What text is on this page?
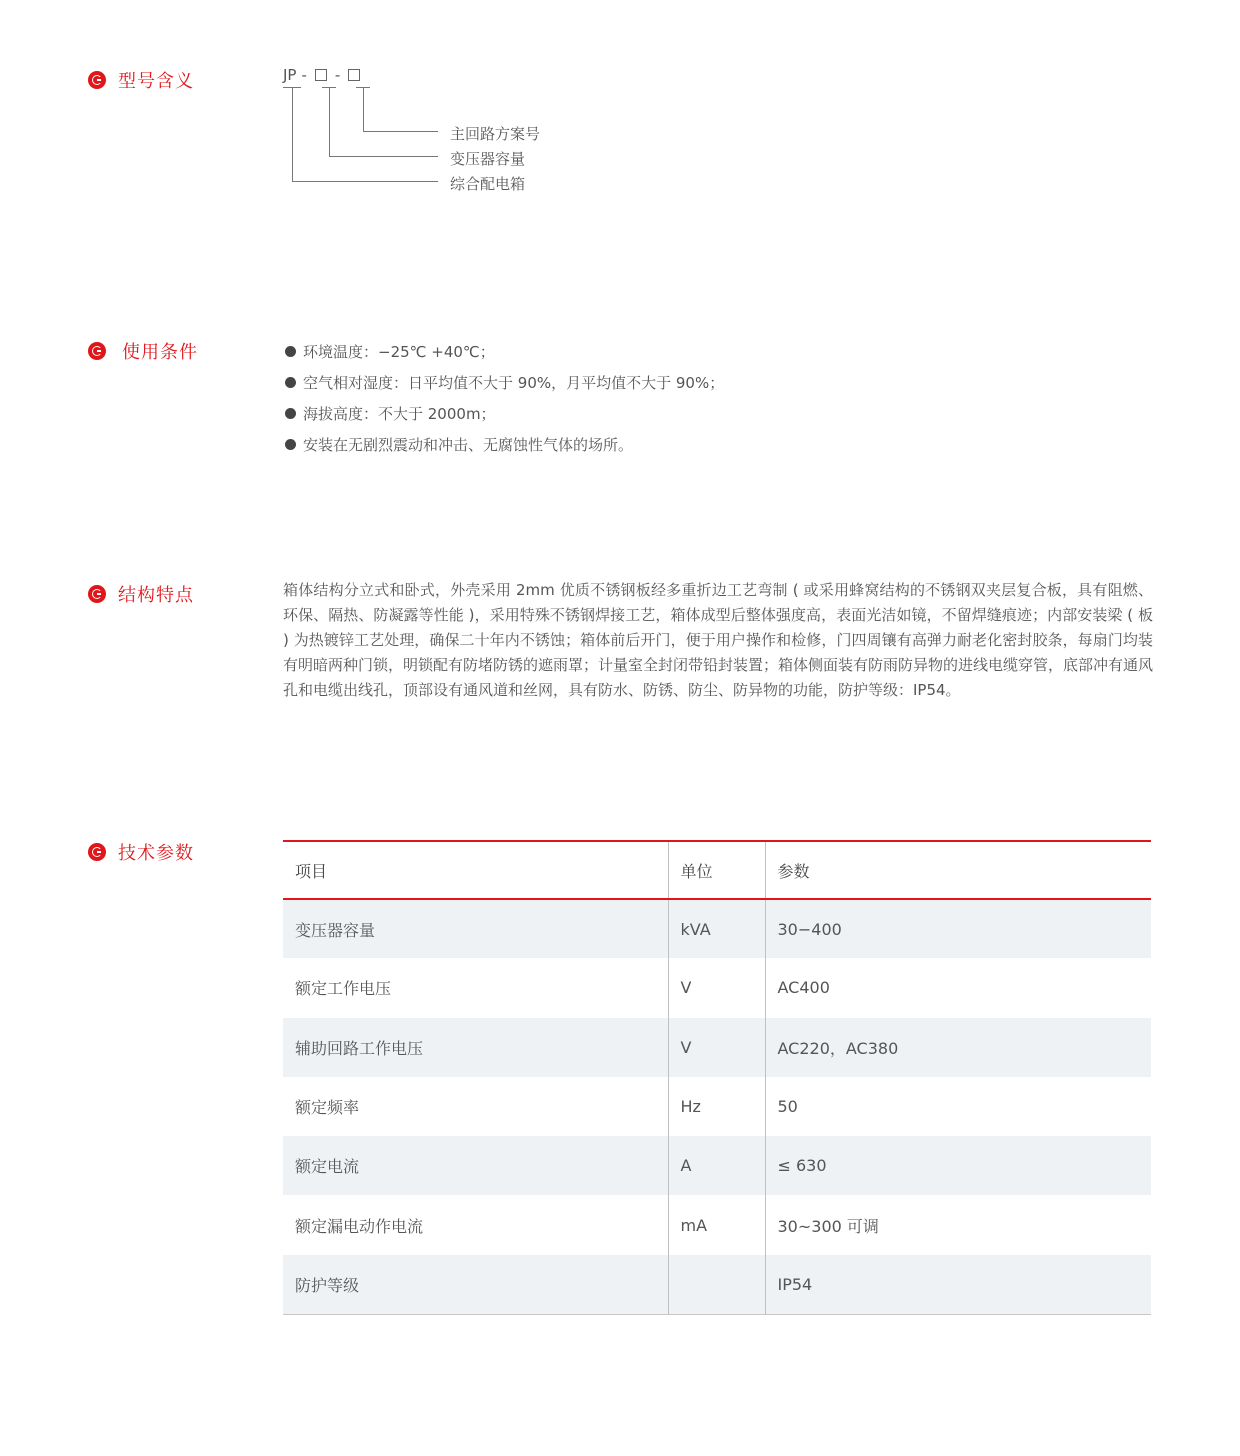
型号含义	JP - -
主回路方案号
变压器容量
综合配电箱
使用条件	环境温度：−25℃ +40℃；
空气相对湿度：日平均值不大于 90%，月平均值不大于 90%；
海拔高度：不大于 2000m；
安装在无剧烈震动和冲击、无腐蚀性气体的场所。
结构特点	箱体结构分立式和卧式，外壳采用 2mm 优质不锈钢板经多重折边工艺弯制 ( 或采用蜂窝结构的不锈钢双夹层复合板，具有阻燃、环保、隔热、防凝露等性能 )，采用特殊不锈钢焊接工艺，箱体成型后整体强度高，表面光洁如镜，不留焊缝痕迹；内部安装梁 ( 板 ) 为热镀锌工艺处理，确保二十年内不锈蚀；箱体前后开门，便于用户操作和检修，门四周镶有高弹力耐老化密封胶条，每扇门均装有明暗两种门锁，明锁配有防堵防锈的遮雨罩；计量室全封闭带铅封装置；箱体侧面装有防雨防异物的进线电缆穿管，底部冲有通风孔和电缆出线孔，顶部设有通风道和丝网，具有防水、防锈、防尘、防异物的功能，防护等级：IP54。

技术参数
项目	单位	参数
变压器容量	kVA	30−400
额定工作电压	V	AC400
辅助回路工作电压	V	AC220，AC380
额定频率	Hz	50
额定电流	A	≤ 630
额定漏电动作电流	mA	30~300 可调
防护等级		IP54
